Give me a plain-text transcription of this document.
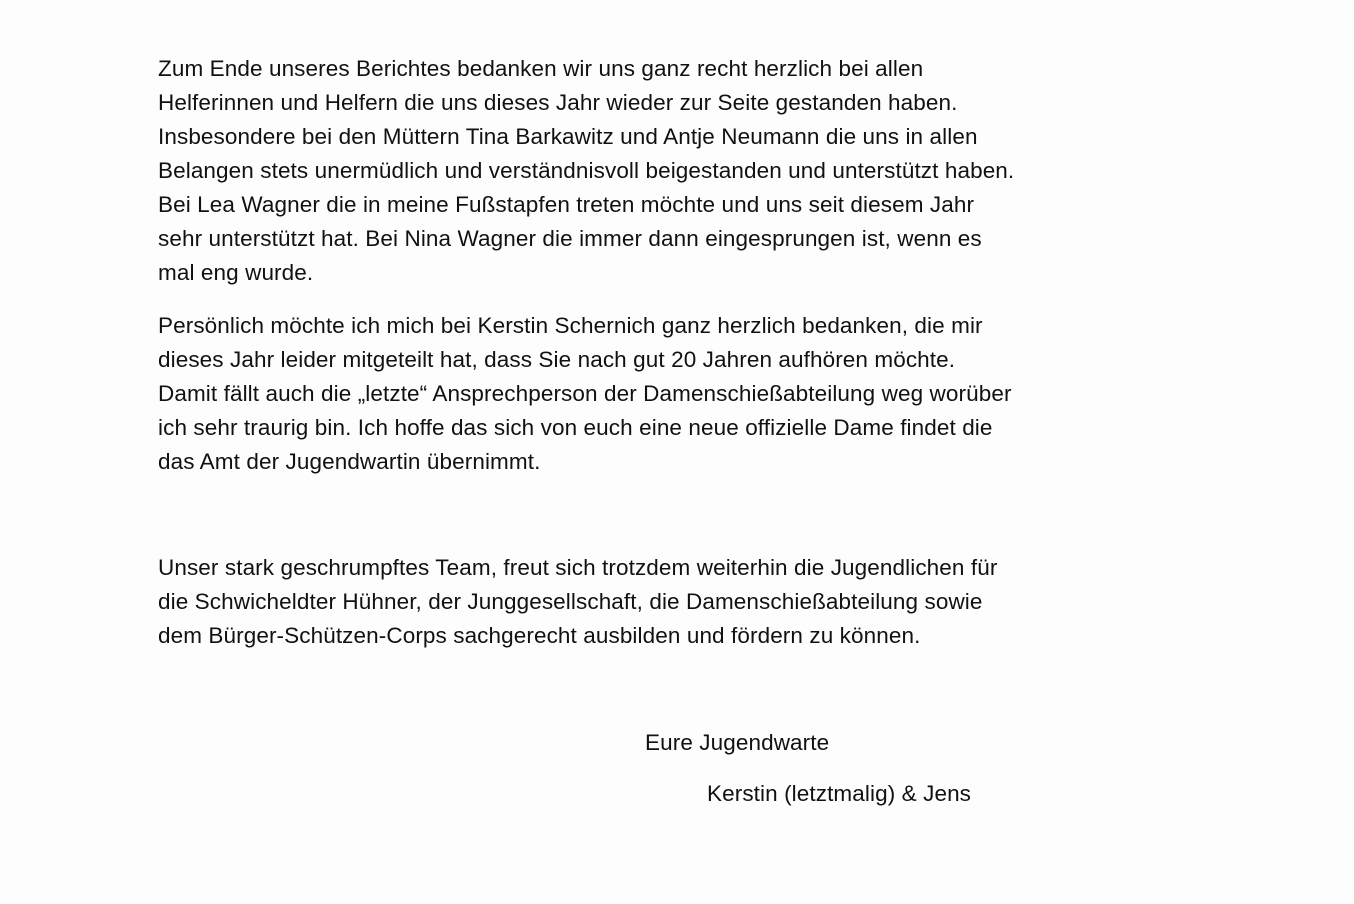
Zum Ende unseres Berichtes bedanken wir uns ganz recht herzlich bei allen
Helferinnen und Helfern die uns dieses Jahr wieder zur Seite gestanden haben.
Insbesondere bei den Müttern Tina Barkawitz und Antje Neumann die uns in allen
Belangen stets unermüdlich und verständnisvoll beigestanden und unterstützt haben.
Bei Lea Wagner die in meine Fußstapfen treten möchte und uns seit diesem Jahr
sehr unterstützt hat. Bei Nina Wagner die immer dann eingesprungen ist, wenn es
mal eng wurde.
Persönlich möchte ich mich bei Kerstin Schernich ganz herzlich bedanken, die mir
dieses Jahr leider mitgeteilt hat, dass Sie nach gut 20 Jahren aufhören möchte.
Damit fällt auch die „letzte“ Ansprechperson der Damenschießabteilung weg worüber
ich sehr traurig bin. Ich hoffe das sich von euch eine neue offizielle Dame findet die
das Amt der Jugendwartin übernimmt.
Unser stark geschrumpftes Team, freut sich trotzdem weiterhin die Jugendlichen für
die Schwicheldter Hühner, der Junggesellschaft, die Damenschießabteilung sowie
dem Bürger-Schützen-Corps sachgerecht ausbilden und fördern zu können.
Eure Jugendwarte
Kerstin (letztmalig) & Jens
